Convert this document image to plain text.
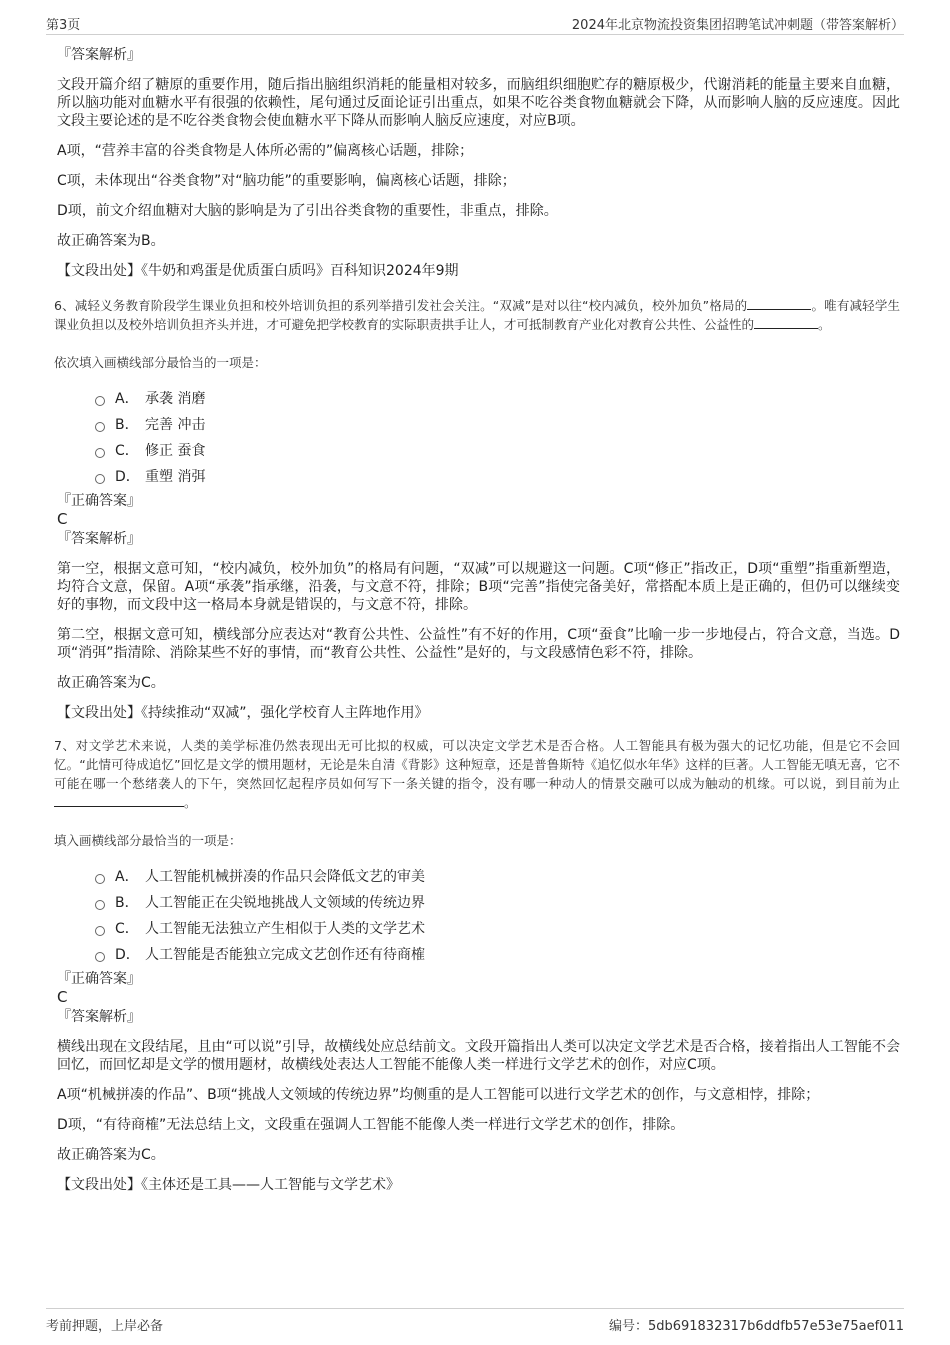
第3页	2024年北京物流投资集团招聘笔试冲刺题（带答案解析）

『答案解析』

文段开篇介绍了糖原的重要作用，随后指出脑组织消耗的能量相对较多，而脑组织细胞贮存的糖原极少，代谢消耗的能量主要来自血糖，所以脑功能对血糖水平有很强的依赖性，尾句通过反面论证引出重点，如果不吃谷类食物血糖就会下降，从而影响人脑的反应速度。因此文段主要论述的是不吃谷类食物会使血糖水平下降从而影响人脑反应速度，对应B项。

A项，“营养丰富的谷类食物是人体所必需的”偏离核心话题，排除；

C项，未体现出“谷类食物”对“脑功能”的重要影响，偏离核心话题，排除；

D项，前文介绍血糖对大脑的影响是为了引出谷类食物的重要性，非重点，排除。

故正确答案为B。

【文段出处】《牛奶和鸡蛋是优质蛋白质吗》百科知识2024年9期

6、减轻义务教育阶段学生课业负担和校外培训负担的系列举措引发社会关注。“双减”是对以往“校内减负，校外加负”格局的	。唯有减轻学生课业负担以及校外培训负担齐头并进，才可避免把学校教育的实际职责拱手让人，才可抵制教育产业化对教育公共性、公益性的	。

依次填入画横线部分最恰当的一项是：

A． 承袭 消磨
B． 完善 冲击
C． 修正 蚕食
D． 重塑 消弭

『正确答案』

C

『答案解析』

第一空，根据文意可知，“校内减负，校外加负”的格局有问题，“双减”可以规避这一问题。C项“修正”指改正，D项“重塑”指重新塑造，均符合文意，保留。A项“承袭”指承继，沿袭，与文意不符，排除；B项“完善”指使完备美好，常搭配本质上是正确的，但仍可以继续变好的事物，而文段中这一格局本身就是错误的，与文意不符，排除。

第二空，根据文意可知，横线部分应表达对“教育公共性、公益性”有不好的作用，C项“蚕食”比喻一步一步地侵占，符合文意，当选。D项“消弭”指清除、消除某些不好的事情，而“教育公共性、公益性”是好的，与文段感情色彩不符，排除。

故正确答案为C。

【文段出处】《持续推动“双减”，强化学校育人主阵地作用》

7、对文学艺术来说，人类的美学标准仍然表现出无可比拟的权威，可以决定文学艺术是否合格。人工智能具有极为强大的记忆功能，但是它不会回忆。“此情可待成追忆”回忆是文学的惯用题材，无论是朱自清《背影》这种短章，还是普鲁斯特《追忆似水年华》这样的巨著。人工智能无嗔无喜，它不可能在哪一个愁绪袭人的下午，突然回忆起程序员如何写下一条关键的指令，没有哪一种动人的情景交融可以成为触动的机缘。可以说，到目前为止。

填入画横线部分最恰当的一项是：

A． 人工智能机械拼凑的作品只会降低文艺的审美
B． 人工智能正在尖锐地挑战人文领域的传统边界
C． 人工智能无法独立产生相似于人类的文学艺术
D． 人工智能是否能独立完成文艺创作还有待商榷

『正确答案』

C

『答案解析』

横线出现在文段结尾，且由“可以说”引导，故横线处应总结前文。文段开篇指出人类可以决定文学艺术是否合格，接着指出人工智能不会回忆，而回忆却是文学的惯用题材，故横线处表达人工智能不能像人类一样进行文学艺术的创作，对应C项。

A项“机械拼凑的作品”、B项“挑战人文领域的传统边界”均侧重的是人工智能可以进行文学艺术的创作，与文意相悖，排除；

D项，“有待商榷”无法总结上文，文段重在强调人工智能不能像人类一样进行文学艺术的创作，排除。

故正确答案为C。

【文段出处】《主体还是工具——人工智能与文学艺术》

考前押题，上岸必备	编号：5db691832317b6ddfb57e53e75aef011
